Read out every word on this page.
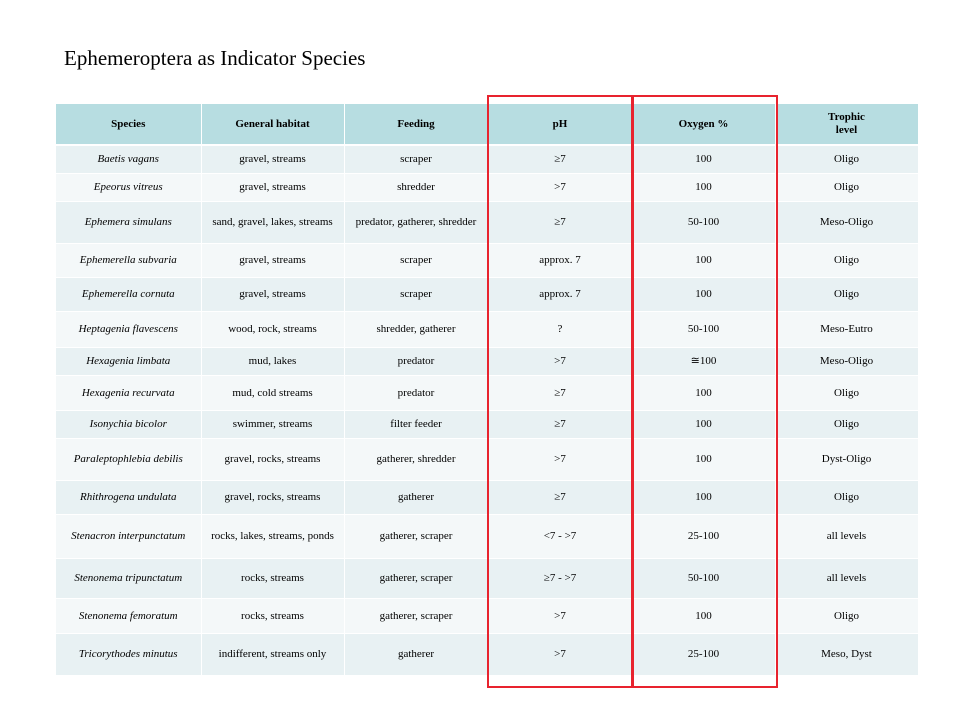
Ephemeroptera as Indicator Species
Species	General habitat	Feeding	pH	Oxygen %	Trophic
level
Baetis vagans	gravel, streams	scraper	≥7	100	Oligo
Epeorus vitreus	gravel, streams	shredder	>7	100	Oligo
Ephemera simulans	sand, gravel, lakes, streams	predator, gatherer, shredder	≥7	50-100	Meso-Oligo
Ephemerella subvaria	gravel, streams	scraper	approx. 7	100	Oligo
Ephemerella cornuta	gravel, streams	scraper	approx. 7	100	Oligo
Heptagenia flavescens	wood, rock, streams	shredder, gatherer	?	50-100	Meso-Eutro
Hexagenia limbata	mud, lakes	predator	>7	≅100	Meso-Oligo
Hexagenia recurvata	mud, cold streams	predator	≥7	100	Oligo
Isonychia bicolor	swimmer, streams	filter feeder	≥7	100	Oligo
Paraleptophlebia debilis	gravel, rocks, streams	gatherer, shredder	>7	100	Dyst-Oligo
Rhithrogena undulata	gravel, rocks, streams	gatherer	≥7	100	Oligo
Stenacron interpunctatum	rocks, lakes, streams, ponds	gatherer, scraper	<7 - >7	25-100	all levels
Stenonema tripunctatum	rocks, streams	gatherer, scraper	≥7 - >7	50-100	all levels
Stenonema femoratum	rocks, streams	gatherer, scraper	>7	100	Oligo
Tricorythodes minutus	indifferent, streams only	gatherer	>7	25-100	Meso, Dyst
